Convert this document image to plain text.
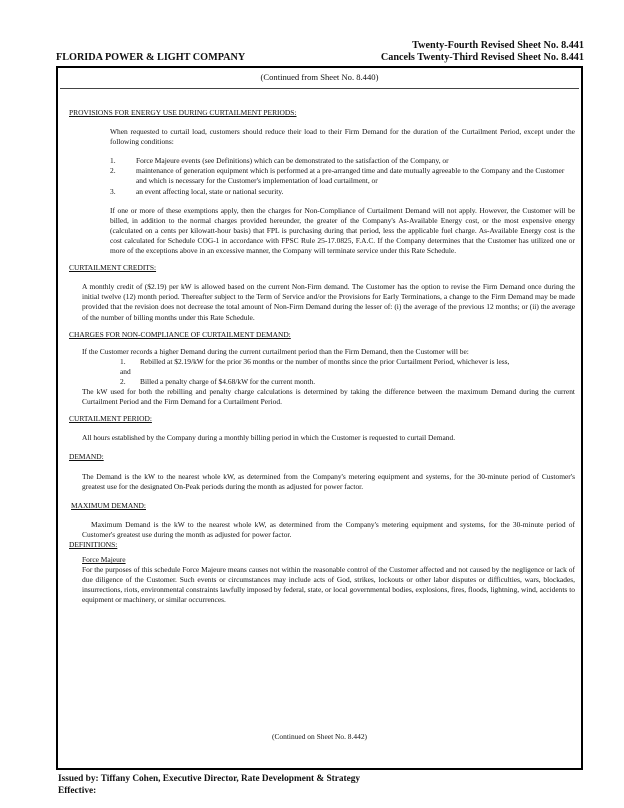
Twenty-Fourth Revised Sheet No. 8.441
Cancels Twenty-Third Revised Sheet No. 8.441
FLORIDA POWER & LIGHT COMPANY
(Continued from Sheet No. 8.440)
PROVISIONS FOR ENERGY USE DURING CURTAILMENT PERIODS:

When requested to curtail load, customers should reduce their load to their Firm Demand for the duration of the Curtailment Period, except under the following conditions:

1.	Force Majeure events (see Definitions) which can be demonstrated to the satisfaction of the Company, or
2.	maintenance of generation equipment which is performed at a pre-arranged time and date mutually agreeable to the Company and the Customer and which is necessary for the Customer's implementation of load curtailment, or
3.	an event affecting local, state or national security.

If one or more of these exemptions apply, then the charges for Non-Compliance of Curtailment Demand will not apply. However, the Customer will be billed, in addition to the normal charges provided hereunder, the greater of the Company's As-Available Energy cost, or the most expensive energy (calculated on a cents per kilowatt-hour basis) that FPL is purchasing during that period, less the applicable fuel charge. As-Available Energy cost is the cost calculated for Schedule COG-1 in accordance with FPSC Rule 25-17.0825, F.A.C. If the Company determines that the Customer has utilized one or more of the exceptions above in an excessive manner, the Company will terminate service under this Rate Schedule.

CURTAILMENT CREDITS:

A monthly credit of ($2.19) per kW is allowed based on the current Non-Firm demand. The Customer has the option to revise the Firm Demand once during the initial twelve (12) month period. Thereafter subject to the Term of Service and/or the Provisions for Early Terminations, a change to the Firm Demand may be made provided that the revision does not decrease the total amount of Non-Firm Demand during the lesser of: (i) the average of the previous 12 months; or (ii) the average of the number of billing months under this Rate Schedule.

CHARGES FOR NON-COMPLIANCE OF CURTAILMENT DEMAND:

If the Customer records a higher Demand during the current curtailment period than the Firm Demand, then the Customer will be:

1.	Rebilled at $2.19/kW for the prior 36 months or the number of months since the prior Curtailment Period, whichever is less,
and
2.	Billed a penalty charge of $4.68/kW for the current month.

The kW used for both the rebilling and penalty charge calculations is determined by taking the difference between the maximum Demand during the current Curtailment Period and the Firm Demand for a Curtailment Period.

CURTAILMENT PERIOD:

All hours established by the Company during a monthly billing period in which the Customer is requested to curtail Demand.

DEMAND:

The Demand is the kW to the nearest whole kW, as determined from the Company's metering equipment and systems, for the 30-minute period of Customer's greatest use for the designated On-Peak periods during the month as adjusted for power factor.

MAXIMUM DEMAND:

Maximum Demand is the kW to the nearest whole kW, as determined from the Company's metering equipment and systems, for the 30-minute period of Customer's greatest use during the month as adjusted for power factor.

DEFINITIONS:
Force Majeure

For the purposes of this schedule Force Majeure means causes not within the reasonable control of the Customer affected and not caused by the negligence or lack of due diligence of the Customer. Such events or circumstances may include acts of God, strikes, lockouts or other labor disputes or difficulties, wars, blockades, insurrections, riots, environmental constraints lawfully imposed by federal, state, or local governmental bodies, explosions, fires, floods, lightning, wind, accidents to equipment or machinery, or similar occurrences.

(Continued on Sheet No. 8.442)
Issued by: Tiffany Cohen, Executive Director, Rate Development & Strategy
Effective:
